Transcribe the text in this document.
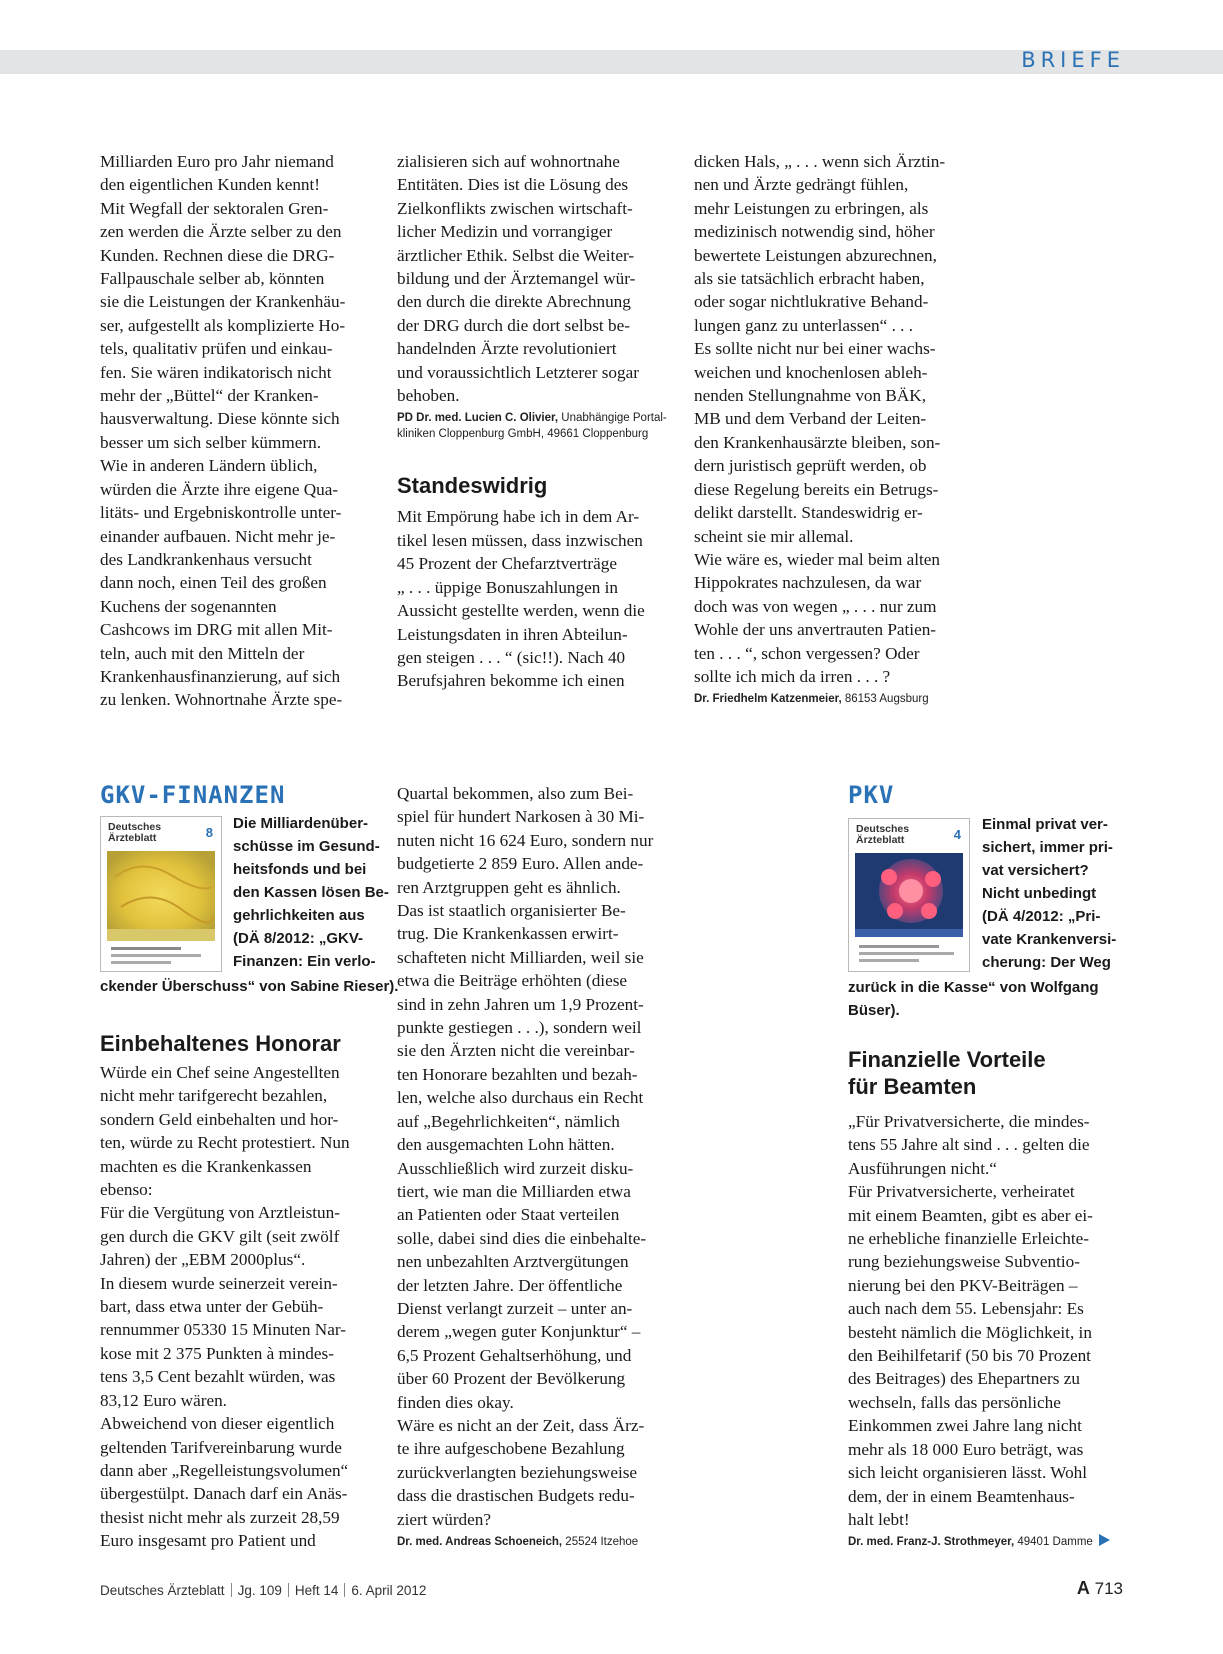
BRIEFE

Milliarden Euro pro Jahr niemand
den eigentlichen Kunden kennt!
Mit Wegfall der sektoralen Gren-
zen werden die Ärzte selber zu den
Kunden. Rechnen diese die DRG-
Fallpauschale selber ab, könnten
sie die Leistungen der Krankenhäu-
ser, aufgestellt als komplizierte Ho-
tels, qualitativ prüfen und einkau-
fen. Sie wären indikatorisch nicht
mehr der „Büttel“ der Kranken-
hausverwaltung. Diese könnte sich
besser um sich selber kümmern.
Wie in anderen Ländern üblich,
würden die Ärzte ihre eigene Qua-
litäts- und Ergebniskontrolle unter-
einander aufbauen. Nicht mehr je-
des Landkrankenhaus versucht
dann noch, einen Teil des großen
Kuchens der sogenannten
Cashcows im DRG mit allen Mit-
teln, auch mit den Mitteln der
Krankenhausfinanzierung, auf sich
zu lenken. Wohnortnahe Ärzte spe-

zialisieren sich auf wohnortnahe
Entitäten. Dies ist die Lösung des
Zielkonflikts zwischen wirtschaft-
licher Medizin und vorrangiger
ärztlicher Ethik. Selbst die Weiter-
bildung und der Ärztemangel wür-
den durch die direkte Abrechnung
der DRG durch die dort selbst be-
handelnden Ärzte revolutioniert
und voraussichtlich Letzterer sogar
behoben.

PD Dr. med. Lucien C. Olivier, Unabhängige Portal-
kliniken Cloppenburg GmbH, 49661 Cloppenburg
Standeswidrig

Mit Empörung habe ich in dem Ar-
tikel lesen müssen, dass inzwischen
45 Prozent der Chefarztverträge
„ . . . üppige Bonuszahlungen in
Aussicht gestellte werden, wenn die
Leistungsdaten in ihren Abteilun-
gen steigen . . . “ (sic!!). Nach 40
Berufsjahren bekomme ich einen

dicken Hals, „ . . . wenn sich Ärztin-
nen und Ärzte gedrängt fühlen,
mehr Leistungen zu erbringen, als
medizinisch notwendig sind, höher
bewertete Leistungen abzurechnen,
als sie tatsächlich erbracht haben,
oder sogar nichtlukrative Behand-
lungen ganz zu unterlassen“ . . .
Es sollte nicht nur bei einer wachs-
weichen und knochenlosen ableh-
nenden Stellungnahme von BÄK,
MB und dem Verband der Leiten-
den Krankenhausärzte bleiben, son-
dern juristisch geprüft werden, ob
diese Regelung bereits ein Betrugs-
delikt darstellt. Standeswidrig er-
scheint sie mir allemal.
Wie wäre es, wieder mal beim alten
Hippokrates nachzulesen, da war
doch was von wegen „ . . . nur zum
Wohle der uns anvertrauten Patien-
ten . . . “, schon vergessen? Oder
sollte ich mich da irren . . . ?

Dr. Friedhelm Katzenmeier, 86153 Augsburg
GKV-FINANZEN
Deutsches
Ärzteblatt	8

Die Milliardenüber-
schüsse im Gesund-
heitsfonds und bei
den Kassen lösen Be-
gehrlichkeiten aus
(DÄ 8/2012: „GKV-
Finanzen: Ein verlo-

ckender Überschuss“ von Sabine Rieser).

Einbehaltenes Honorar

Würde ein Chef seine Angestellten
nicht mehr tarifgerecht bezahlen,
sondern Geld einbehalten und hor-
ten, würde zu Recht protestiert. Nun
machten es die Krankenkassen
ebenso:
Für die Vergütung von Arztleistun-
gen durch die GKV gilt (seit zwölf
Jahren) der „EBM 2000plus“.
In diesem wurde seinerzeit verein-
bart, dass etwa unter der Gebüh-
rennummer 05330 15 Minuten Nar-
kose mit 2 375 Punkten à mindes-
tens 3,5 Cent bezahlt würden, was
83,12 Euro wären.
Abweichend von dieser eigentlich
geltenden Tarifvereinbarung wurde
dann aber „Regelleistungsvolumen“
übergestülpt. Danach darf ein Anäs-
thesist nicht mehr als zurzeit 28,59
Euro insgesamt pro Patient und

Quartal bekommen, also zum Bei-
spiel für hundert Narkosen à 30 Mi-
nuten nicht 16 624 Euro, sondern nur
budgetierte 2 859 Euro. Allen ande-
ren Arztgruppen geht es ähnlich.
Das ist staatlich organisierter Be-
trug. Die Krankenkassen erwirt-
schafteten nicht Milliarden, weil sie
etwa die Beiträge erhöhten (diese
sind in zehn Jahren um 1,9 Prozent-
punkte gestiegen . . .), sondern weil
sie den Ärzten nicht die vereinbar-
ten Honorare bezahlten und bezah-
len, welche also durchaus ein Recht
auf „Begehrlichkeiten“, nämlich
den ausgemachten Lohn hätten.
Ausschließlich wird zurzeit disku-
tiert, wie man die Milliarden etwa
an Patienten oder Staat verteilen
solle, dabei sind dies die einbehalte-
nen unbezahlten Arztvergütungen
der letzten Jahre. Der öffentliche
Dienst verlangt zurzeit – unter an-
derem „wegen guter Konjunktur“ –
6,5 Prozent Gehaltserhöhung, und
über 60 Prozent der Bevölkerung
finden dies okay.
Wäre es nicht an der Zeit, dass Ärz-
te ihre aufgeschobene Bezahlung
zurückverlangten beziehungsweise
dass die drastischen Budgets redu-
ziert würden?

Dr. med. Andreas Schoeneich, 25524 Itzehoe
PKV
Deutsches
Ärzteblatt	4

Einmal privat ver-
sichert, immer pri-
vat versichert?
Nicht unbedingt
(DÄ 4/2012: „Pri-
vate Krankenversi-
cherung: Der Weg

zurück in die Kasse“ von Wolfgang
Büser).

Finanzielle Vorteile
für Beamten

„Für Privatversicherte, die mindes-
tens 55 Jahre alt sind . . . gelten die
Ausführungen nicht.“
Für Privatversicherte, verheiratet
mit einem Beamten, gibt es aber ei-
ne erhebliche finanzielle Erleichte-
rung beziehungsweise Subventio-
nierung bei den PKV-Beiträgen –
auch nach dem 55. Lebensjahr: Es
besteht nämlich die Möglichkeit, in
den Beihilfetarif (50 bis 70 Prozent
des Beitrages) des Ehepartners zu
wechseln, falls das persönliche
Einkommen zwei Jahre lang nicht
mehr als 18 000 Euro beträgt, was
sich leicht organisieren lässt. Wohl
dem, der in einem Beamtenhaus-
halt lebt!

Dr. med. Franz-J. Strothmeyer, 49401 Damme
Deutsches Ärzteblatt Jg. 109 Heft 14 6. April 2012	A 713
